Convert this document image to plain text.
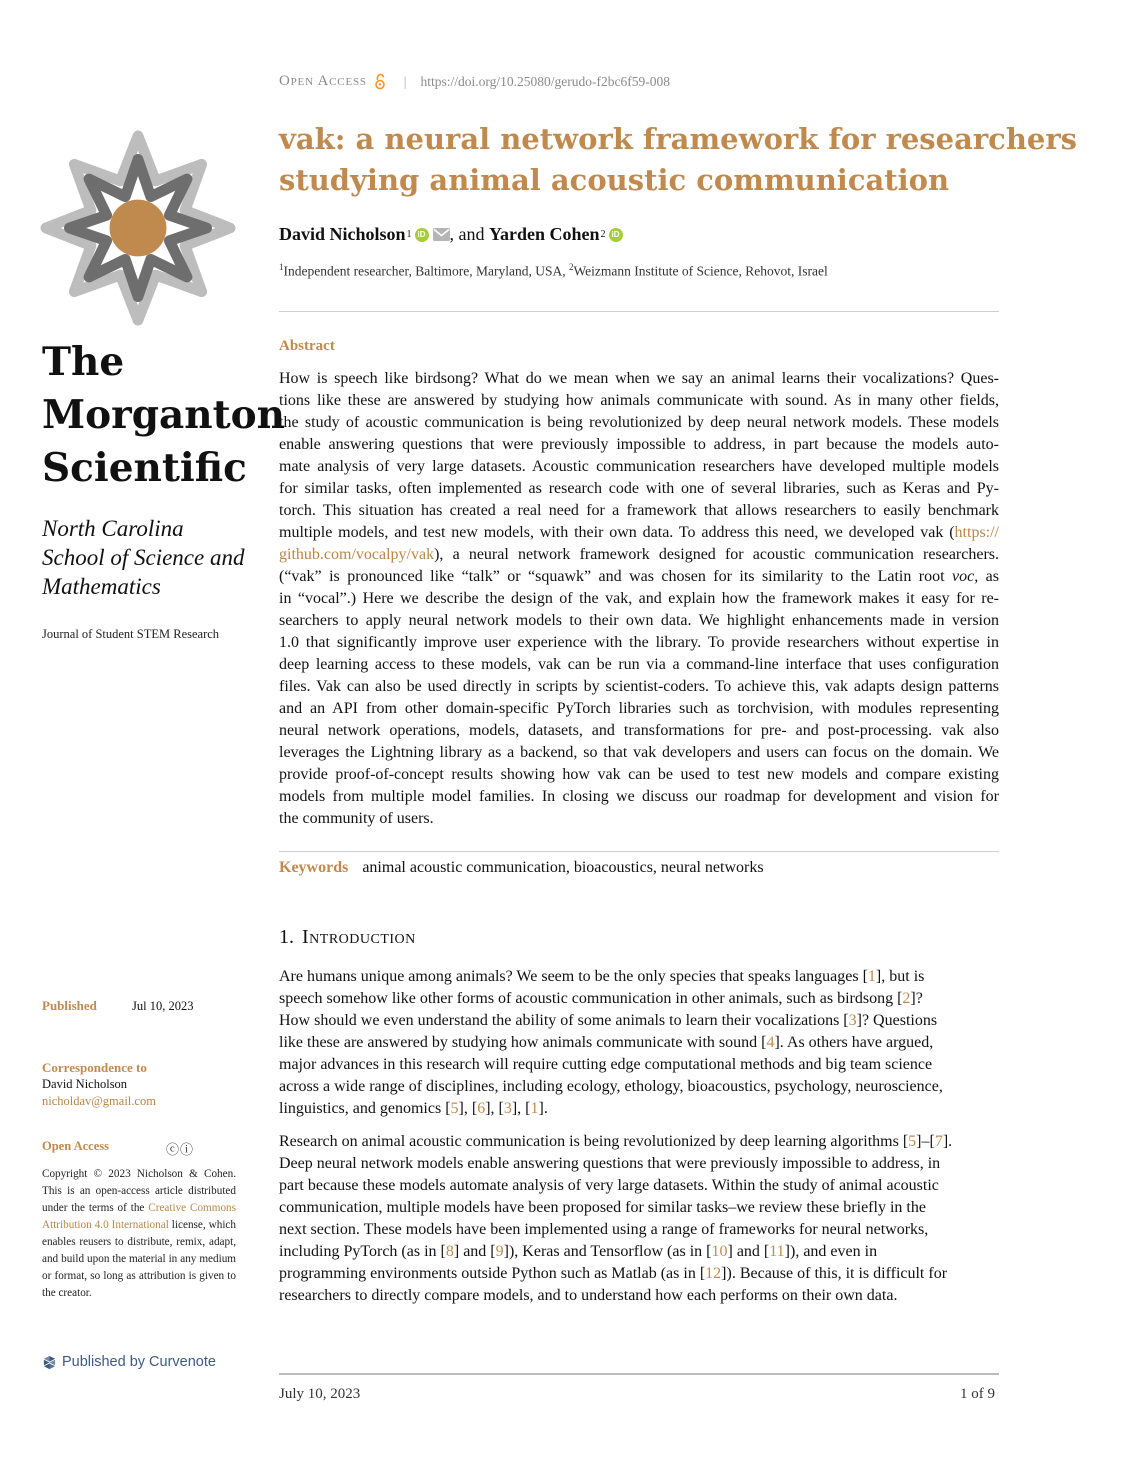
The
Morganton
Scientific
North Carolina
School of Science and
Mathematics
Journal of Student STEM Research
Published	Jul 10, 2023
Correspondence to
David Nicholson
nicholdav@gmail.com
Open Access	ⓒⓘ
Copyright © 2023 Nicholson & Cohen. This is an open-access article distributed under the terms of the Creative Commons Attribution 4.0 International license, which enables reusers to distribute, remix, adapt, and build upon the material in any medium or format, so long as attribution is given to the creator.
Published by Curvenote
Open Access	| https://doi.org/10.25080/gerudo-f2bc6f59-008
vak: a neural network framework for researchers
studying animal acoustic communication
David Nicholson 1 iD , and Yarden Cohen 2 iD
$^1$Independent researcher, Baltimore, Maryland, USA, $^2$Weizmann Institute of Science, Rehovot, Israel
Abstract
How is speech like birdsong? What do we mean when we say an animal learns their vocalizations? Ques-
tions like these are answered by studying how animals communicate with sound. As in many other fields,
the study of acoustic communication is being revolutionized by deep neural network models. These models
enable answering questions that were previously impossible to address, in part because the models auto-
mate analysis of very large datasets. Acoustic communication researchers have developed multiple models
for similar tasks, often implemented as research code with one of several libraries, such as Keras and Py-
torch. This situation has created a real need for a framework that allows researchers to easily benchmark
multiple models, and test new models, with their own data. To address this need, we developed vak (https://
github.com/vocalpy/vak), a neural network framework designed for acoustic communication researchers.
(“vak” is pronounced like “talk” or “squawk” and was chosen for its similarity to the Latin root voc, as
in “vocal”.) Here we describe the design of the vak, and explain how the framework makes it easy for re-
searchers to apply neural network models to their own data. We highlight enhancements made in version
1.0 that significantly improve user experience with the library. To provide researchers without expertise in
deep learning access to these models, vak can be run via a command-line interface that uses configuration
files. Vak can also be used directly in scripts by scientist-coders. To achieve this, vak adapts design patterns
and an API from other domain-specific PyTorch libraries such as torchvision, with modules representing
neural network operations, models, datasets, and transformations for pre- and post-processing. vak also
leverages the Lightning library as a backend, so that vak developers and users can focus on the domain. We
provide proof-of-concept results showing how vak can be used to test new models and compare existing
models from multiple model families. In closing we discuss our roadmap for development and vision for
the community of users.
Keywords animal acoustic communication, bioacoustics, neural networks
1. Introduction
Are humans unique among animals? We seem to be the only species that speaks languages [1], but is
speech somehow like other forms of acoustic communication in other animals, such as birdsong [2]?
How should we even understand the ability of some animals to learn their vocalizations [3]? Questions
like these are answered by studying how animals communicate with sound [4]. As others have argued,
major advances in this research will require cutting edge computational methods and big team science
across a wide range of disciplines, including ecology, ethology, bioacoustics, psychology, neuroscience,
linguistics, and genomics [5], [6], [3], [1].
Research on animal acoustic communication is being revolutionized by deep learning algorithms [5]–[7].
Deep neural network models enable answering questions that were previously impossible to address, in
part because these models automate analysis of very large datasets. Within the study of animal acoustic
communication, multiple models have been proposed for similar tasks–we review these briefly in the
next section. These models have been implemented using a range of frameworks for neural networks,
including PyTorch (as in [8] and [9]), Keras and Tensorflow (as in [10] and [11]), and even in
programming environments outside Python such as Matlab (as in [12]). Because of this, it is difficult for
researchers to directly compare models, and to understand how each performs on their own data.
July 10, 2023	1 of 9
